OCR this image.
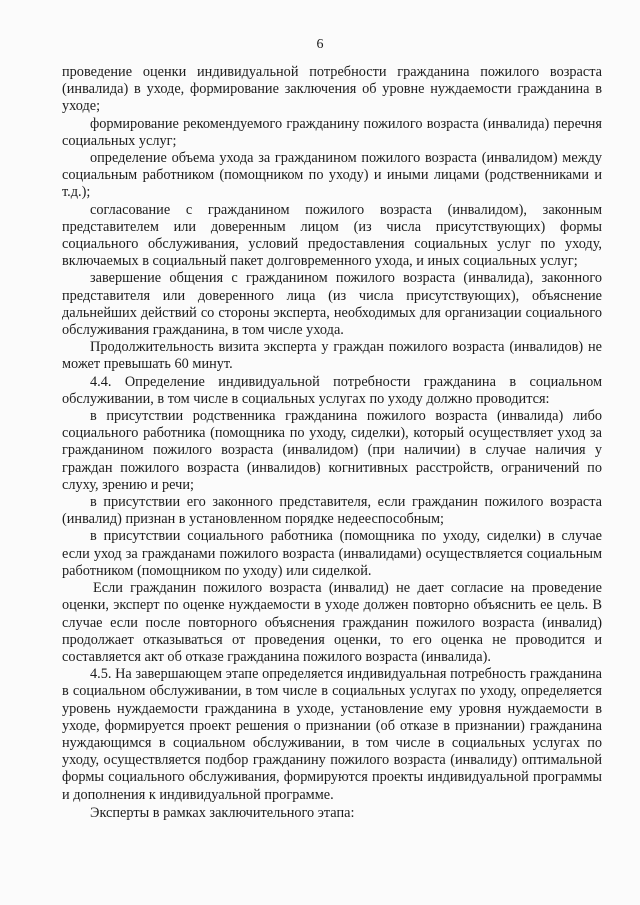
6

проведение оценки индивидуальной потребности гражданина пожилого возраста (инвалида) в уходе, формирование заключения об уровне нуждаемости гражданина в уходе;

формирование рекомендуемого гражданину пожилого возраста (инвалида) перечня социальных услуг;

определение объема ухода за гражданином пожилого возраста (инвалидом) между социальным работником (помощником по уходу) и иными лицами (родственниками и т.д.);

согласование с гражданином пожилого возраста (инвалидом), законным представителем или доверенным лицом (из числа присутствующих) формы социального обслуживания, условий предоставления социальных услуг по уходу, включаемых в социальный пакет долговременного ухода, и иных социальных услуг;

завершение общения с гражданином пожилого возраста (инвалида), законного представителя или доверенного лица (из числа присутствующих), объяснение дальнейших действий со стороны эксперта, необходимых для организации социального обслуживания гражданина, в том числе ухода.

Продолжительность визита эксперта у граждан пожилого возраста (инвалидов) не может превышать 60 минут.

4.4. Определение индивидуальной потребности гражданина в социальном обслуживании, в том числе в социальных услугах по уходу должно проводится:

в присутствии родственника гражданина пожилого возраста (инвалида) либо социального работника (помощника по уходу, сиделки), который осуществляет уход за гражданином пожилого возраста (инвалидом) (при наличии) в случае наличия у граждан пожилого возраста (инвалидов) когнитивных расстройств, ограничений по слуху, зрению и речи;

в присутствии его законного представителя, если гражданин пожилого возраста (инвалид) признан в установленном порядке недееспособным;

в присутствии социального работника (помощника по уходу, сиделки) в случае если уход за гражданами пожилого возраста (инвалидами) осуществляется социальным работником (помощником по уходу) или сиделкой.

Если гражданин пожилого возраста (инвалид) не дает согласие на проведение оценки, эксперт по оценке нуждаемости в уходе должен повторно объяснить ее цель. В случае если после повторного объяснения гражданин пожилого возраста (инвалид) продолжает отказываться от проведения оценки, то его оценка не проводится и составляется акт об отказе гражданина пожилого возраста (инвалида).

4.5. На завершающем этапе определяется индивидуальная потребность гражданина в социальном обслуживании, в том числе в социальных услугах по уходу, определяется уровень нуждаемости гражданина в уходе, установление ему уровня нуждаемости в уходе, формируется проект решения о признании (об отказе в признании) гражданина нуждающимся в социальном обслуживании, в том числе в социальных услугах по уходу, осуществляется подбор гражданину пожилого возраста (инвалиду) оптимальной формы социального обслуживания, формируются проекты индивидуальной программы и дополнения к индивидуальной программе.

Эксперты в рамках заключительного этапа:
